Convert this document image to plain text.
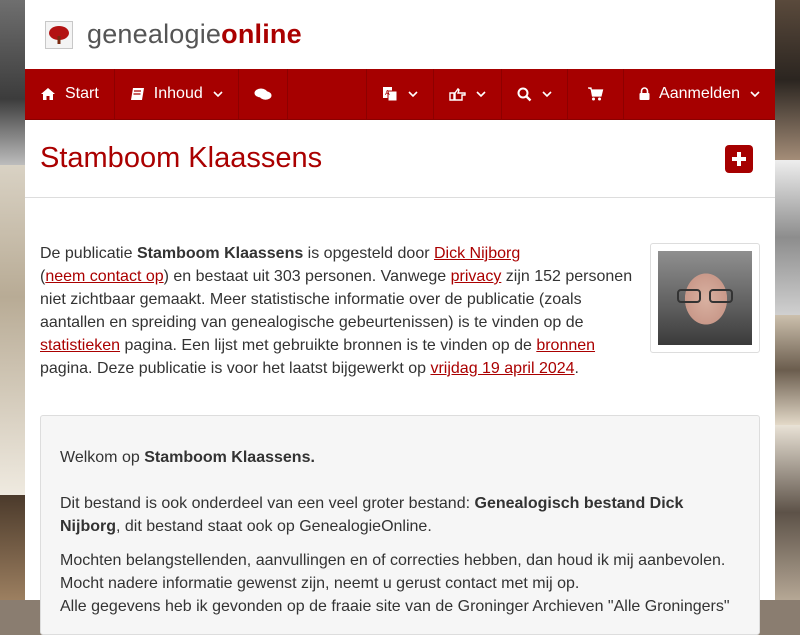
genealogieonline
Start	Inhoud	A	Aanmelden
Stamboom Klaassens

De publicatie Stamboom Klaassens is opgesteld door Dick Nijborg
(neem contact op) en bestaat uit 303 personen. Vanwege privacy zijn 152 personen niet zichtbaar gemaakt. Meer statistische informatie over de publicatie (zoals aantallen en spreiding van genealogische gebeurtenissen) is te vinden op de statistieken pagina. Een lijst met gebruikte bronnen is te vinden op de bronnen pagina. Deze publicatie is voor het laatst bijgewerkt op vrijdag 19 april 2024.

Welkom op Stamboom Klaassens.

Dit bestand is ook onderdeel van een veel groter bestand: Genealogisch bestand Dick Nijborg, dit bestand staat ook op GenealogieOnline.

Mochten belangstellenden, aanvullingen en of correcties hebben, dan houd ik mij aanbevolen.
Mocht nadere informatie gewenst zijn, neemt u gerust contact met mij op.
Alle gegevens heb ik gevonden op de fraaie site van de Groninger Archieven "Alle Groningers"
